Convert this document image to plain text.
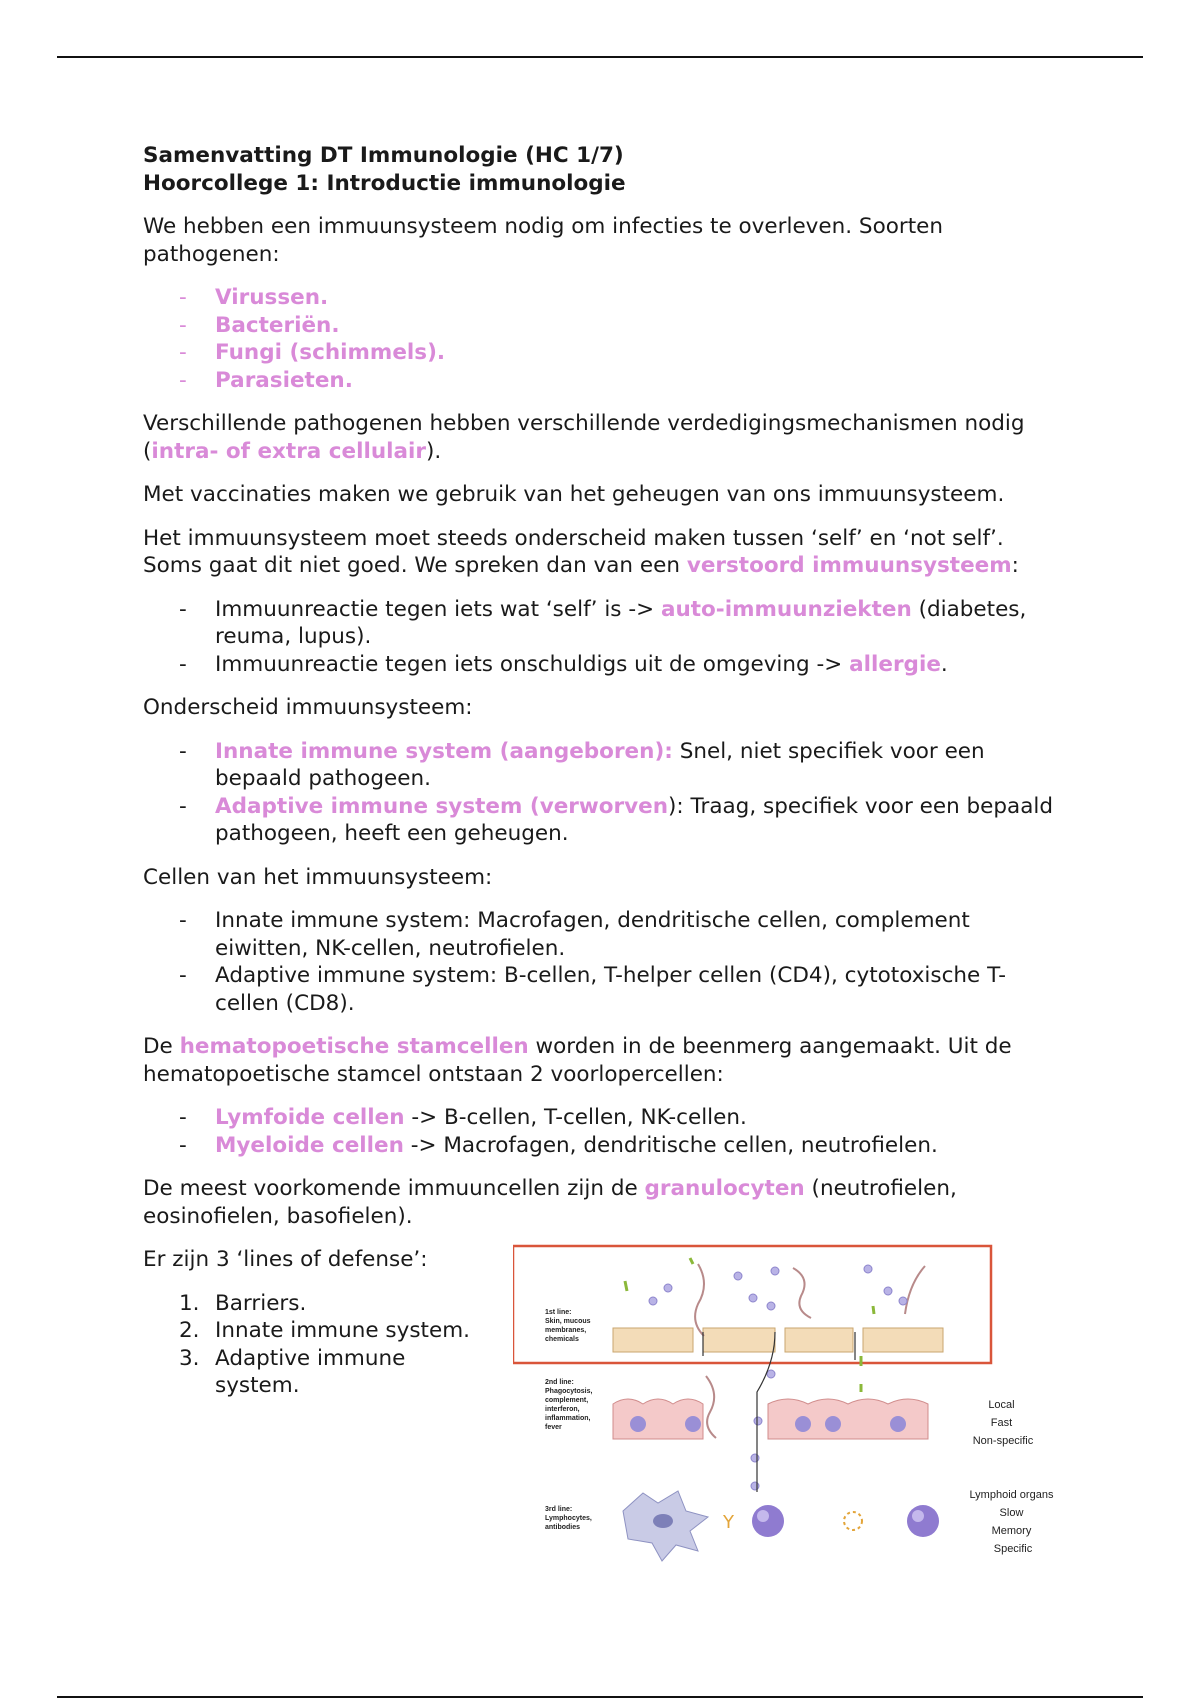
Samenvatting DT Immunologie (HC 1/7)

Hoorcollege 1: Introductie immunologie

We hebben een immuunsysteem nodig om infecties te overleven. Soorten pathogenen:

- Virussen.
- Bacteriën.
- Fungi (schimmels).
- Parasieten.

Verschillende pathogenen hebben verschillende verdedigingsmechanismen nodig (intra- of extra cellulair).

Met vaccinaties maken we gebruik van het geheugen van ons immuunsysteem.

Het immuunsysteem moet steeds onderscheid maken tussen ‘self’ en ‘not self’. Soms gaat dit niet goed. We spreken dan van een verstoord immuunsysteem:

- Immuunreactie tegen iets wat ‘self’ is -> auto-immuunziekten (diabetes, reuma, lupus).
- Immuunreactie tegen iets onschuldigs uit de omgeving -> allergie.

Onderscheid immuunsysteem:

- Innate immune system (aangeboren): Snel, niet specifiek voor een bepaald pathogeen.
- Adaptive immune system (verworven): Traag, specifiek voor een bepaald pathogeen, heeft een geheugen.

Cellen van het immuunsysteem:

- Innate immune system: Macrofagen, dendritische cellen, complement eiwitten, NK-cellen, neutrofielen.
- Adaptive immune system: B-cellen, T-helper cellen (CD4), cytotoxische T-cellen (CD8).

De hematopoetische stamcellen worden in de beenmerg aangemaakt. Uit de hematopoetische stamcel ontstaan 2 voorlopercellen:

- Lymfoide cellen -> B-cellen, T-cellen, NK-cellen.
- Myeloide cellen -> Macrofagen, dendritische cellen, neutrofielen.

De meest voorkomende immuuncellen zijn de granulocyten (neutrofielen, eosinofielen, basofielen).

Er zijn 3 ‘lines of defense’:

1. Barriers.
2. Innate immune system.
3. Adaptive immune system.
1st line: Skin, mucous membranes, chemicals
2nd line: Phagocytosis, complement, interferon, inflammation, fever
Local Fast Non-specific
Y
3rd line: Lymphocytes, antibodies
Lymphoid organs Slow Memory Specific
